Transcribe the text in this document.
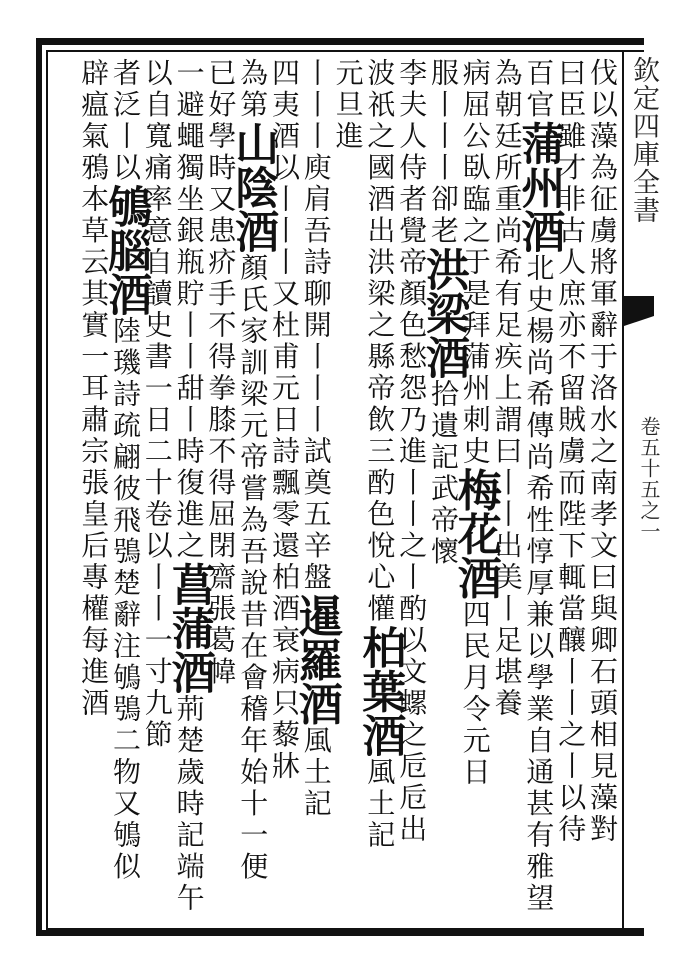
欽定四庫全書
卷五十五之一
伐以藻為征虜將軍辭于洛水之南孝文曰與卿石頭相見藻對
曰臣雖才非古人庶亦不留賊虜而陛下輒當釀丨丨之丨以待
百官蒲州酒北史楊尚希傳尚希性惇厚兼以學業自通甚有雅望
為朝廷所重尚希有足疾上謂曰丨丨出美丨足堪養
病屈公臥臨之于是拜蒲州刺史梅花酒四民月令元日
服丨丨丨卻老洪梁酒拾遺記武帝懷
李夫人侍者覺帝顏色愁怨乃進丨丨之丨酌以文螺之卮卮出
波祇之國酒出洪梁之縣帝飲三酌色悅心懽柏葉酒風土記
元旦進
丨丨丨庾肩吾詩聊開丨丨丨試奠五辛盤暹羅酒風土記
四夷酒以丨丨丨又杜甫元日詩飄零還柏酒衰病只藜牀
為第山陰酒顏氏家訓梁元帝嘗為吾說昔在會稽年始十一便
已好學時又患疥手不得拳膝不得屈閉齋張葛幃
一避蠅獨坐銀瓶貯丨丨甜丨時復進之菖蒲酒荊楚歲時記端午
以自寬痛率意自讀史書一日二十卷以丨丨一寸九節
者泛丨以鴝腦酒陸璣詩疏翩彼飛鴞楚辭注鴝鴞二物又鴝似
辟瘟氣鴉本草云其實一耳肅宗張皇后專權每進酒
